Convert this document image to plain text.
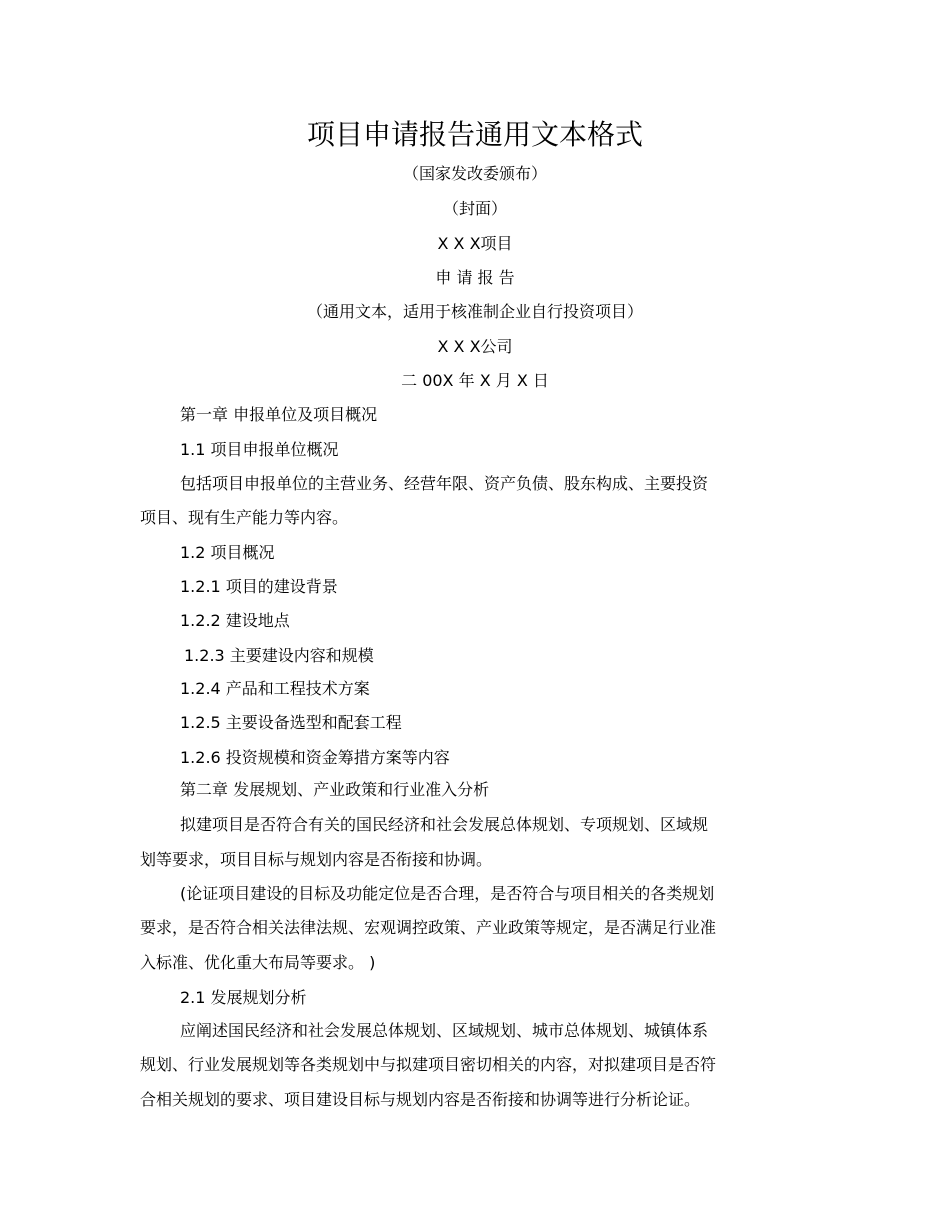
项目申请报告通用文本格式
（国家发改委颁布）
（封面）
X X X项目
申 请 报 告
（通用文本，适用于核准制企业自行投资项目）
X X X公司
二 00X 年 X 月 X 日
第一章 申报单位及项目概况
1.1 项目申报单位概况
包括项目申报单位的主营业务、经营年限、资产负债、股东构成、主要投资
项目、现有生产能力等内容。
1.2 项目概况
1.2.1 项目的建设背景
1.2.2 建设地点
1.2.3 主要建设内容和规模
1.2.4 产品和工程技术方案
1.2.5 主要设备选型和配套工程
1.2.6 投资规模和资金筹措方案等内容
第二章 发展规划、产业政策和行业准入分析
拟建项目是否符合有关的国民经济和社会发展总体规划、专项规划、区域规
划等要求，项目目标与规划内容是否衔接和协调。
(论证项目建设的目标及功能定位是否合理，是否符合与项目相关的各类规划
要求，是否符合相关法律法规、宏观调控政策、产业政策等规定，是否满足行业准
入标准、优化重大布局等要求。 )
2.1 发展规划分析
应阐述国民经济和社会发展总体规划、区域规划、城市总体规划、城镇体系
规划、行业发展规划等各类规划中与拟建项目密切相关的内容，对拟建项目是否符
合相关规划的要求、项目建设目标与规划内容是否衔接和协调等进行分析论证。
